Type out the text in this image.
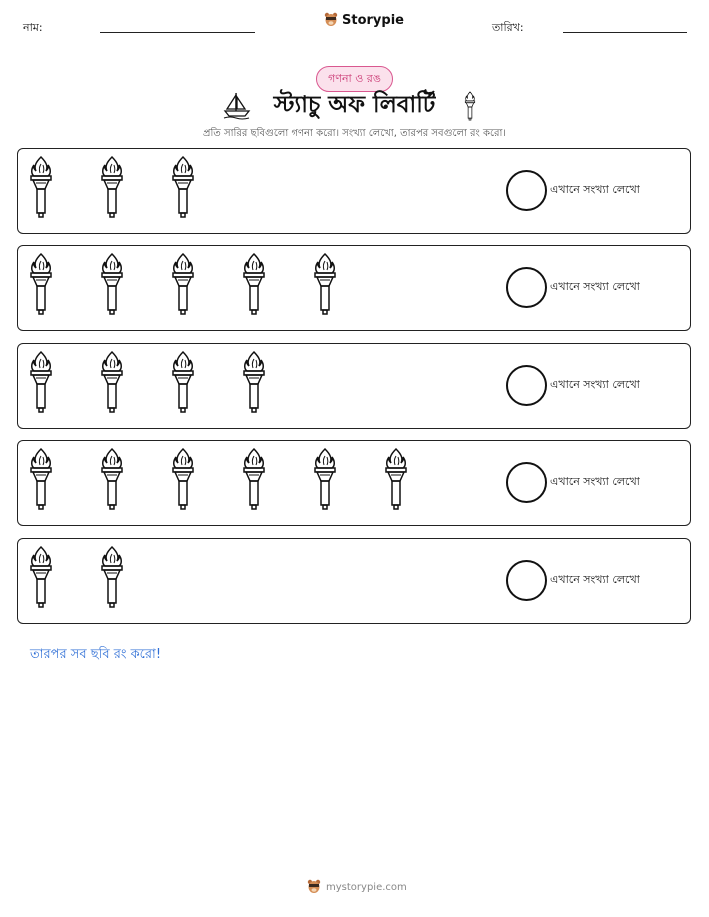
নাম:	Storypie	তারিখ:
গণনা ও রঙ
স্ট্যাচু অফ লিবার্টি
প্রতি সারির ছবিগুলো গণনা করো। সংখ্যা লেখো, তারপর সবগুলো রং করো।
এখানে সংখ্যা লেখো
এখানে সংখ্যা লেখো
এখানে সংখ্যা লেখো
এখানে সংখ্যা লেখো
এখানে সংখ্যা লেখো
তারপর সব ছবি রং করো!
mystorypie.com
